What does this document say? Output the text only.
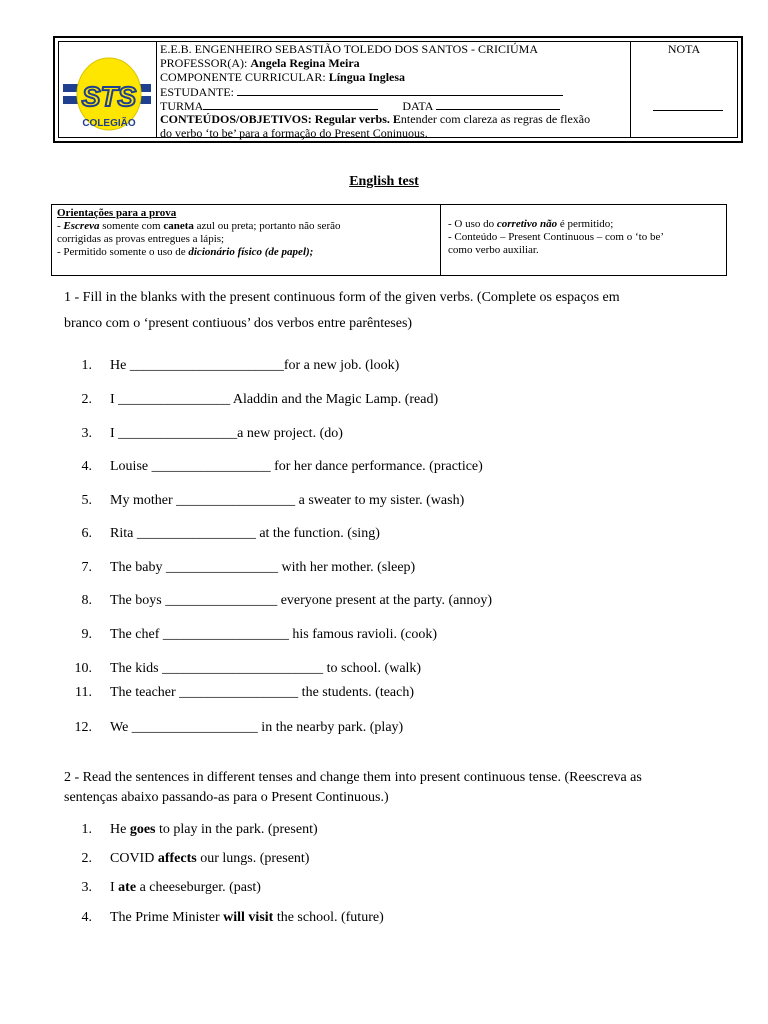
STS
COLEGIÃO
E.E.B. ENGENHEIRO SEBASTIÃO TOLEDO DOS SANTOS - CRICIÚMA
PROFESSOR(A): Angela Regina Meira
COMPONENTE CURRICULAR: Língua Inglesa
ESTUDANTE:
TURMA	DATA
CONTEÚDOS/OBJETIVOS: Regular verbs. Entender com clareza as regras de flexão
do verbo ‘to be’ para a formação do Present Coninuous.
NOTA
English test
Orientações para a prova
- Escreva somente com caneta azul ou preta; portanto não serão
corrigidas as provas entregues a lápis;
- Permitido somente o uso de dicionário físico (de papel);
- O uso do corretivo não é permitido;
- Conteúdo – Present Continuous – com o ‘to be’
como verbo auxiliar.
1 - Fill in the blanks with the present continuous form of the given verbs. (Complete os espaços em
branco com o ‘present contiuous’ dos verbos entre parênteses)
1. He ______________________for a new job. (look)
2. I ________________ Aladdin and the Magic Lamp. (read)
3. I _________________a new project. (do)
4. Louise _________________ for her dance performance. (practice)
5. My mother _________________ a sweater to my sister. (wash)
6. Rita _________________ at the function. (sing)
7. The baby ________________ with her mother. (sleep)
8. The boys ________________ everyone present at the party. (annoy)
9. The chef __________________ his famous ravioli. (cook)
10. The kids _______________________ to school. (walk)
11. The teacher _________________ the students. (teach)
12. We __________________ in the nearby park. (play)
2 - Read the sentences in different tenses and change them into present continuous tense. (Reescreva as
sentenças abaixo passando-as para o Present Continuous.)
1. He goes to play in the park. (present)
2. COVID affects our lungs. (present)
3. I ate a cheeseburger. (past)
4. The Prime Minister will visit the school. (future)
